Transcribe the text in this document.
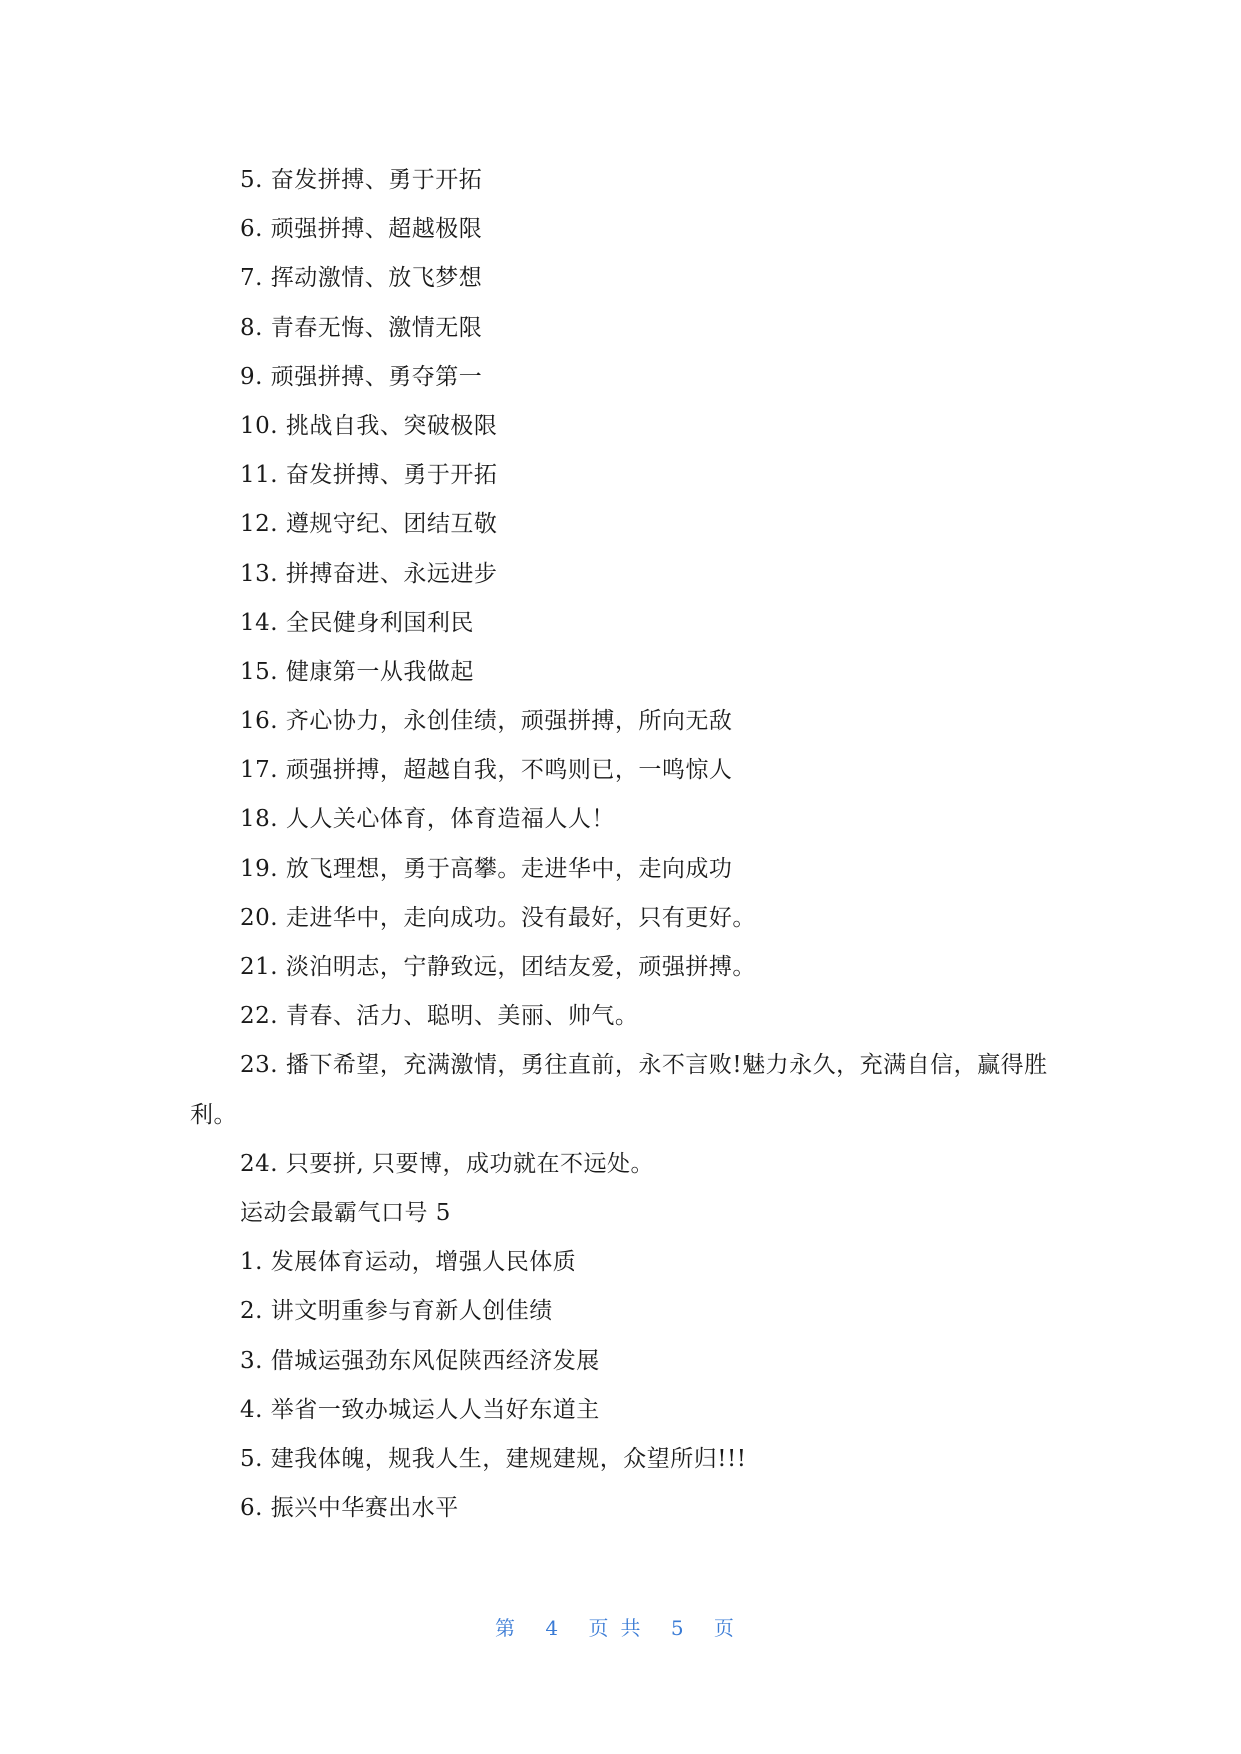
5. 奋发拼搏、勇于开拓
6. 顽强拼搏、超越极限
7. 挥动激情、放飞梦想
8. 青春无悔、激情无限
9. 顽强拼搏、勇夺第一
10. 挑战自我、突破极限
11. 奋发拼搏、勇于开拓
12. 遵规守纪、团结互敬
13. 拼搏奋进、永远进步
14. 全民健身利国利民
15. 健康第一从我做起
16. 齐心协力，永创佳绩，顽强拼搏，所向无敌
17. 顽强拼搏，超越自我，不鸣则已，一鸣惊人
18. 人人关心体育，体育造福人人！
19. 放飞理想，勇于高攀。走进华中，走向成功
20. 走进华中，走向成功。没有最好，只有更好。
21. 淡泊明志，宁静致远，团结友爱，顽强拼搏。
22. 青春、活力、聪明、美丽、帅气。
23. 播下希望，充满激情，勇往直前，永不言败!魅力永久，充满自信，赢得胜利。
24. 只要拼, 只要博，成功就在不远处。
运动会最霸气口号 5
1. 发展体育运动，增强人民体质
2. 讲文明重参与育新人创佳绩
3. 借城运强劲东风促陕西经济发展
4. 举省一致办城运人人当好东道主
5. 建我体魄，规我人生，建规建规，众望所归!!!
6. 振兴中华赛出水平
第 4 页共 5 页
